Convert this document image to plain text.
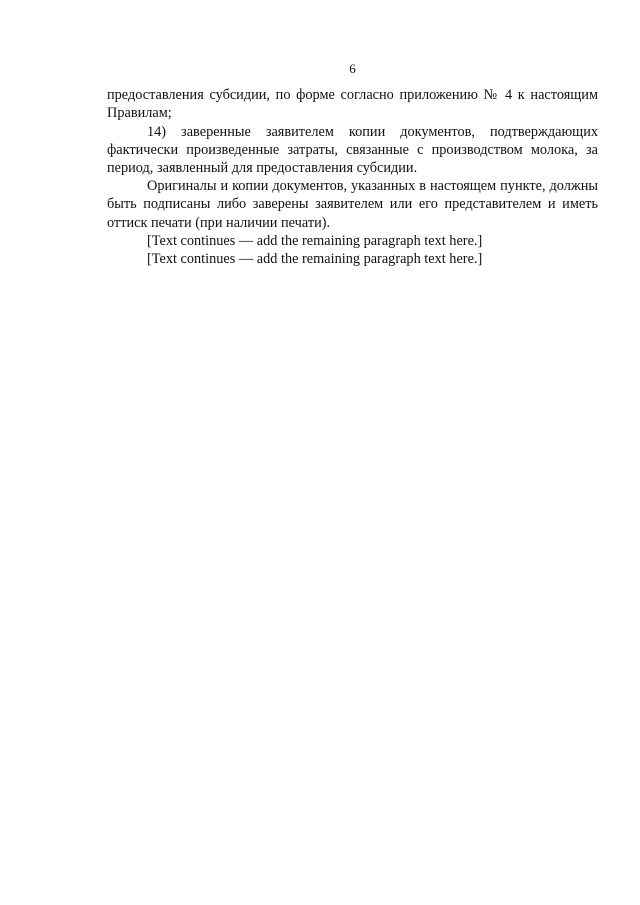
6

предоставления субсидии, по форме согласно приложению № 4 к настоящим Правилам;

14) заверенные заявителем копии документов, подтверждающих фактически произведенные затраты, связанные с производством молока, за период, заявленный для предоставления субсидии.

Оригиналы и копии документов, указанных в настоящем пункте, должны быть подписаны либо заверены заявителем или его представителем и иметь оттиск печати (при наличии печати).

[Text continues — add the remaining paragraph text here.]

[Text continues — add the remaining paragraph text here.]
